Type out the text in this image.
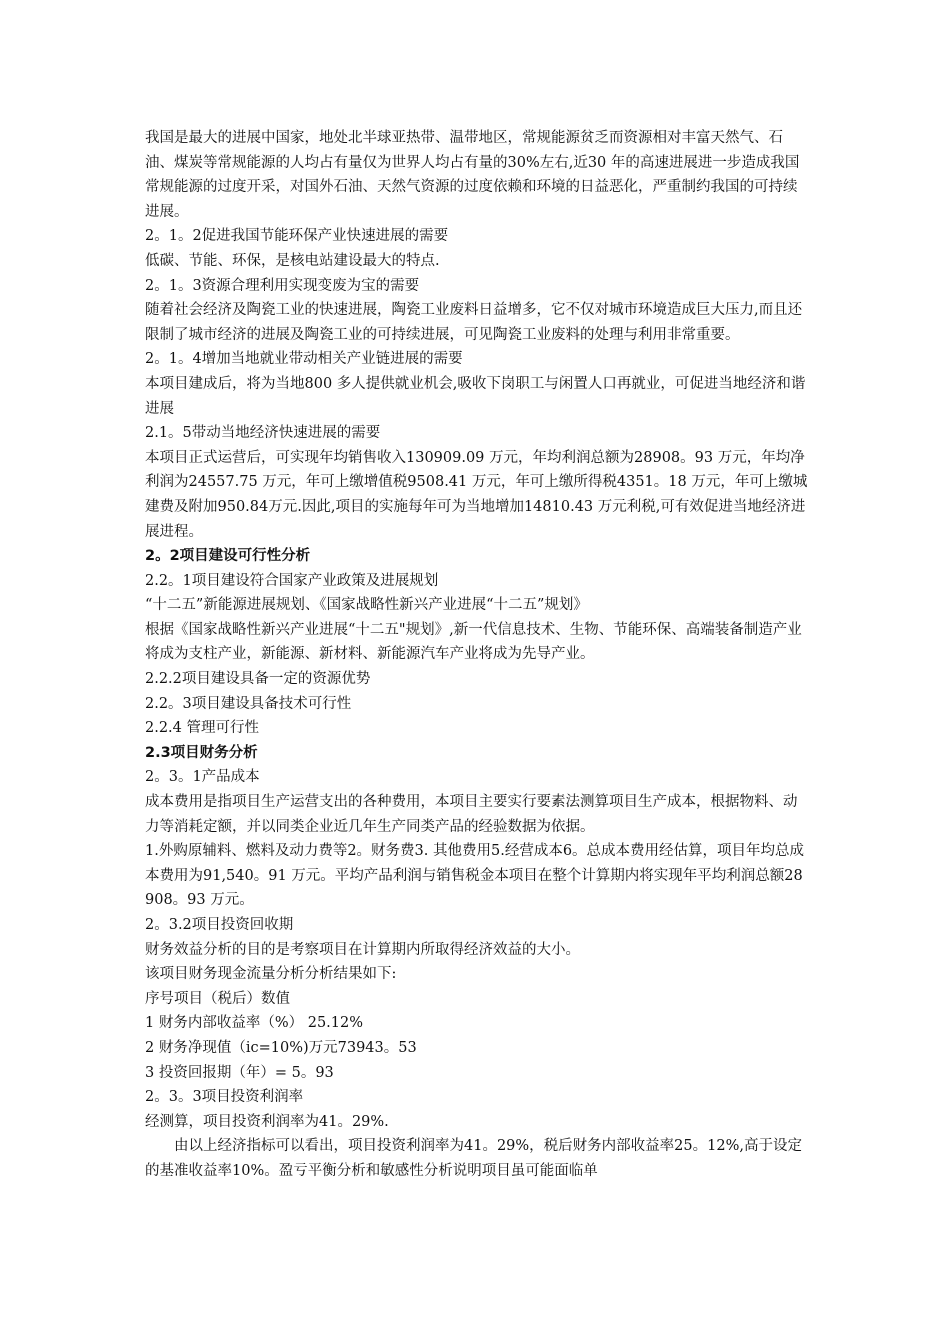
我国是最大的进展中国家，地处北半球亚热带、温带地区，常规能源贫乏而资源相对丰富天然气、石油、煤炭等常规能源的人均占有量仅为世界人均占有量的30%左右,近30 年的高速进展进一步造成我国常规能源的过度开采，对国外石油、天然气资源的过度依赖和环境的日益恶化，严重制约我国的可持续进展。

2。1。2促进我国节能环保产业快速进展的需要

低碳、节能、环保，是核电站建设最大的特点.

2。1。3资源合理利用实现变废为宝的需要

随着社会经济及陶瓷工业的快速进展，陶瓷工业废料日益增多，它不仅对城市环境造成巨大压力,而且还限制了城市经济的进展及陶瓷工业的可持续进展，可见陶瓷工业废料的处理与利用非常重要。

2。1。4增加当地就业带动相关产业链进展的需要

本项目建成后，将为当地800 多人提供就业机会,吸收下岗职工与闲置人口再就业，可促进当地经济和谐进展

2.1。5带动当地经济快速进展的需要

本项目正式运营后，可实现年均销售收入130909.09 万元，年均利润总额为28908。93 万元，年均净利润为24557.75 万元，年可上缴增值税9508.41 万元，年可上缴所得税4351。18 万元，年可上缴城建费及附加950.84万元.因此,项目的实施每年可为当地增加14810.43 万元利税,可有效促进当地经济进展进程。

2。2项目建设可行性分析

2.2。1项目建设符合国家产业政策及进展规划

“十二五”新能源进展规划、《国家战略性新兴产业进展“十二五”规划》

根据《国家战略性新兴产业进展“十二五"规划》,新一代信息技术、生物、节能环保、高端装备制造产业将成为支柱产业，新能源、新材料、新能源汽车产业将成为先导产业。

2.2.2项目建设具备一定的资源优势

2.2。3项目建设具备技术可行性

2.2.4 管理可行性

2.3项目财务分析

2。3。1产品成本

成本费用是指项目生产运营支出的各种费用，本项目主要实行要素法测算项目生产成本，根据物料、动力等消耗定额，并以同类企业近几年生产同类产品的经验数据为依据。

1.外购原辅料、燃料及动力费等2。财务费3. 其他费用5.经营成本6。总成本费用经估算，项目年均总成本费用为91,540。91 万元。平均产品利润与销售税金本项目在整个计算期内将实现年平均利润总额28908。93 万元。

2。3.2项目投资回收期

财务效益分析的目的是考察项目在计算期内所取得经济效益的大小。

该项目财务现金流量分析分析结果如下:

序号项目（税后）数值

1 财务内部收益率（%） 25.12%

2 财务净现值（ic=10%)万元73943。53

3 投资回报期（年）= 5。93

2。3。3项目投资利润率

经测算，项目投资利润率为41。29%.

由以上经济指标可以看出，项目投资利润率为41。29%，税后财务内部收益率25。12%,高于设定的基准收益率10%。盈亏平衡分析和敏感性分析说明项目虽可能面临单
